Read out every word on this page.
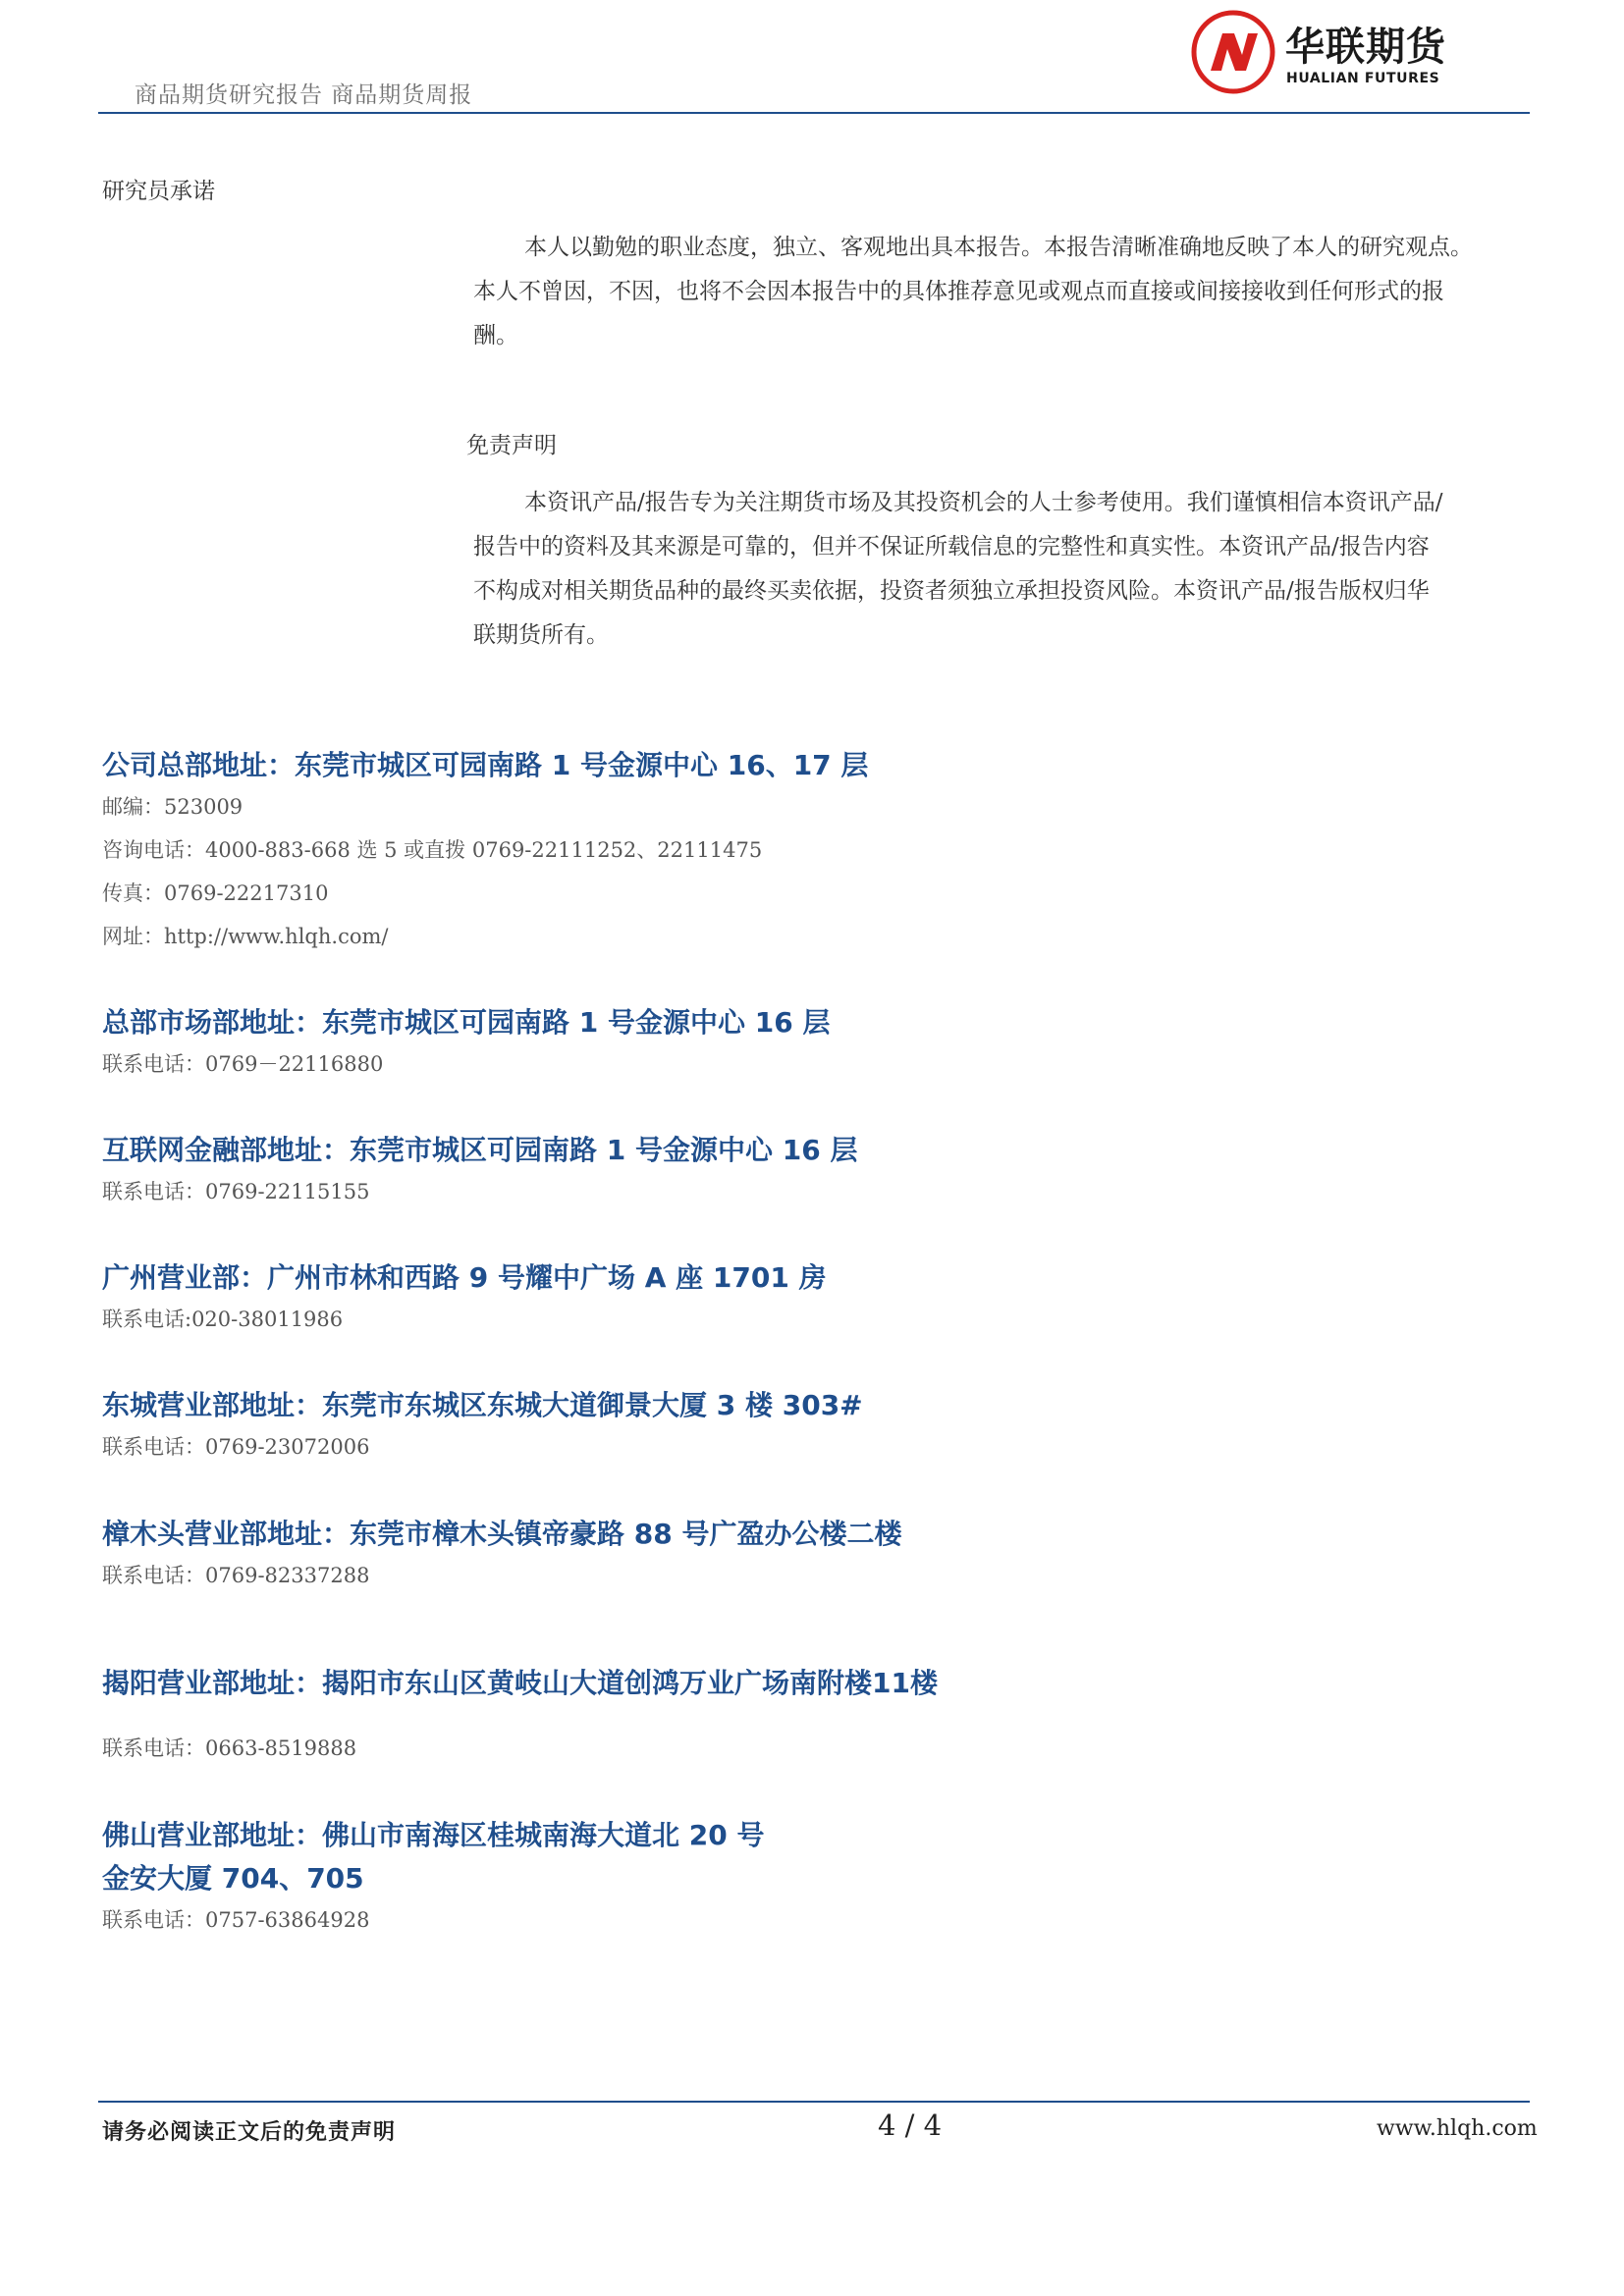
商品期货研究报告 商品期货周报
华联期货
HUALIAN FUTURES
研究员承诺
本人以勤勉的职业态度，独立、客观地出具本报告。本报告清晰准确地反映了本人的研究观点。
本人不曾因，不因，也将不会因本报告中的具体推荐意见或观点而直接或间接接收到任何形式的报
酬。
免责声明
本资讯产品/报告专为关注期货市场及其投资机会的人士参考使用。我们谨慎相信本资讯产品/
报告中的资料及其来源是可靠的，但并不保证所载信息的完整性和真实性。本资讯产品/报告内容
不构成对相关期货品种的最终买卖依据，投资者须独立承担投资风险。本资讯产品/报告版权归华
联期货所有。
公司总部地址：东莞市城区可园南路 1 号金源中心 16、17 层
邮编：523009
咨询电话：4000-883-668 选 5 或直拨 0769-22111252、22111475
传真：0769-22217310
网址：http://www.hlqh.com/
总部市场部地址：东莞市城区可园南路 1 号金源中心 16 层
联系电话：0769－22116880
互联网金融部地址：东莞市城区可园南路 1 号金源中心 16 层
联系电话：0769-22115155
广州营业部：广州市林和西路 9 号耀中广场 A 座 1701 房
联系电话:020-38011986
东城营业部地址：东莞市东城区东城大道御景大厦 3 楼 303#
联系电话：0769-23072006
樟木头营业部地址：东莞市樟木头镇帝豪路 88 号广盈办公楼二楼
联系电话：0769-82337288
揭阳营业部地址：揭阳市东山区黄岐山大道创鸿万业广场南附楼11楼
联系电话：0663-8519888
佛山营业部地址：佛山市南海区桂城南海大道北 20 号
金安大厦 704、705
联系电话：0757-63864928
请务必阅读正文后的免责声明	4 / 4	www.hlqh.com
